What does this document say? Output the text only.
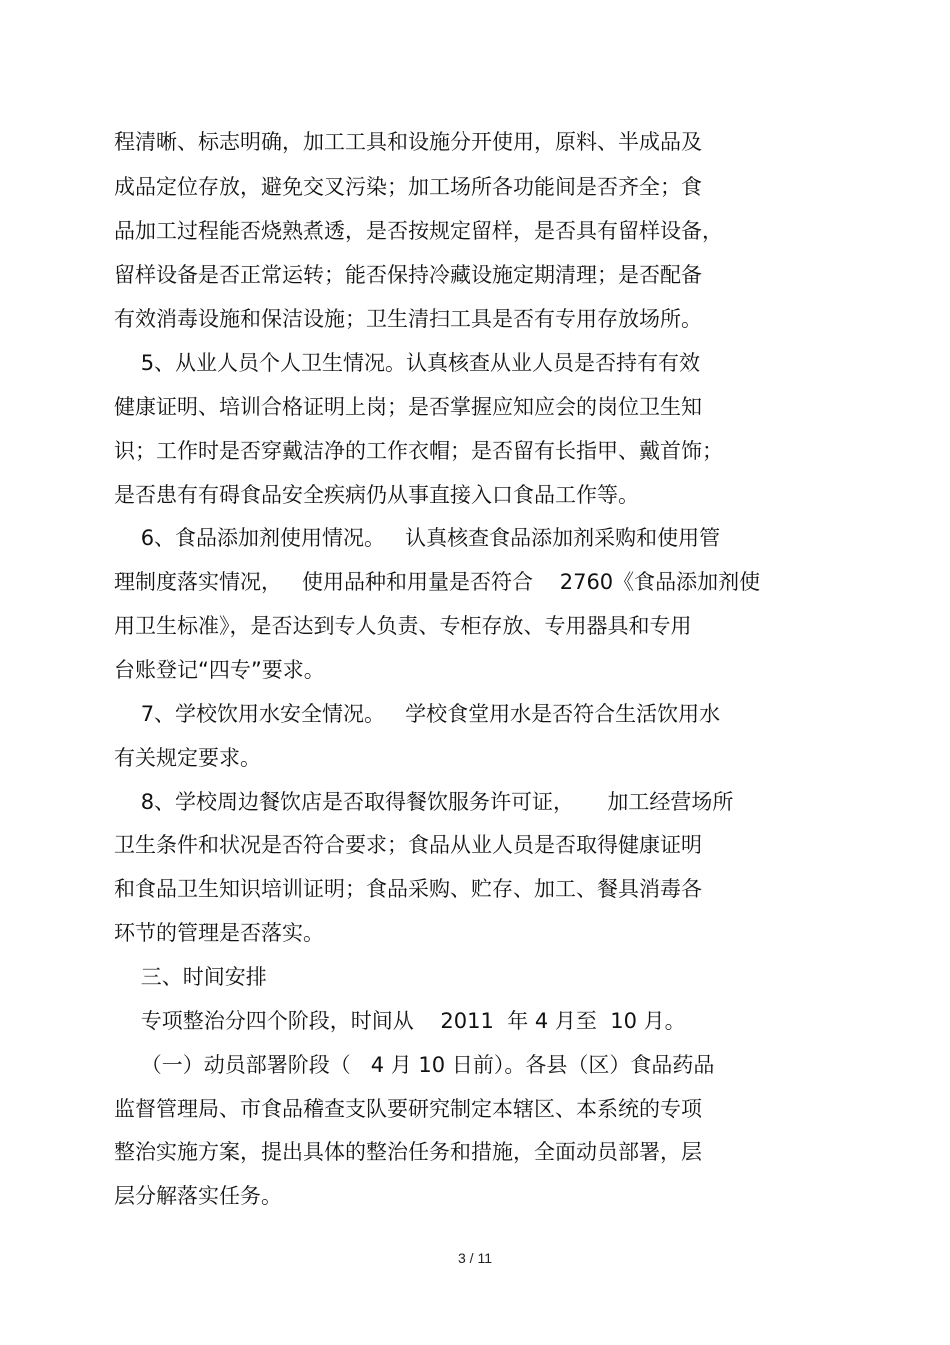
程清晰、标志明确，加工工具和设施分开使用，原料、半成品及
成品定位存放，避免交叉污染；加工场所各功能间是否齐全；食
品加工过程能否烧熟煮透，是否按规定留样，是否具有留样设备，
留样设备是否正常运转；能否保持冷藏设施定期清理；是否配备
有效消毒设施和保洁设施；卫生清扫工具是否有专用存放场所。
5、从业人员个人卫生情况。认真核查从业人员是否持有有效
健康证明、培训合格证明上岗；是否掌握应知应会的岗位卫生知
识；工作时是否穿戴洁净的工作衣帽；是否留有长指甲、戴首饰；
是否患有有碍食品安全疾病仍从事直接入口食品工作等。
6、食品添加剂使用情况。   认真核查食品添加剂采购和使用管
理制度落实情况，   使用品种和用量是否符合    2760《食品添加剂使
用卫生标准》，是否达到专人负责、专柜存放、专用器具和专用
台账登记“四专”要求。
7、学校饮用水安全情况。   学校食堂用水是否符合生活饮用水
有关规定要求。
8、学校周边餐饮店是否取得餐饮服务许可证，     加工经营场所
卫生条件和状况是否符合要求；食品从业人员是否取得健康证明
和食品卫生知识培训证明；食品采购、贮存、加工、餐具消毒各
环节的管理是否落实。
三、时间安排
专项整治分四个阶段，时间从    2011  年 4 月至  10 月。
（一）动员部署阶段（   4 月 10 日前）。各县（区）食品药品
监督管理局、市食品稽查支队要研究制定本辖区、本系统的专项
整治实施方案，提出具体的整治任务和措施，全面动员部署，层
层分解落实任务。
3 / 11
